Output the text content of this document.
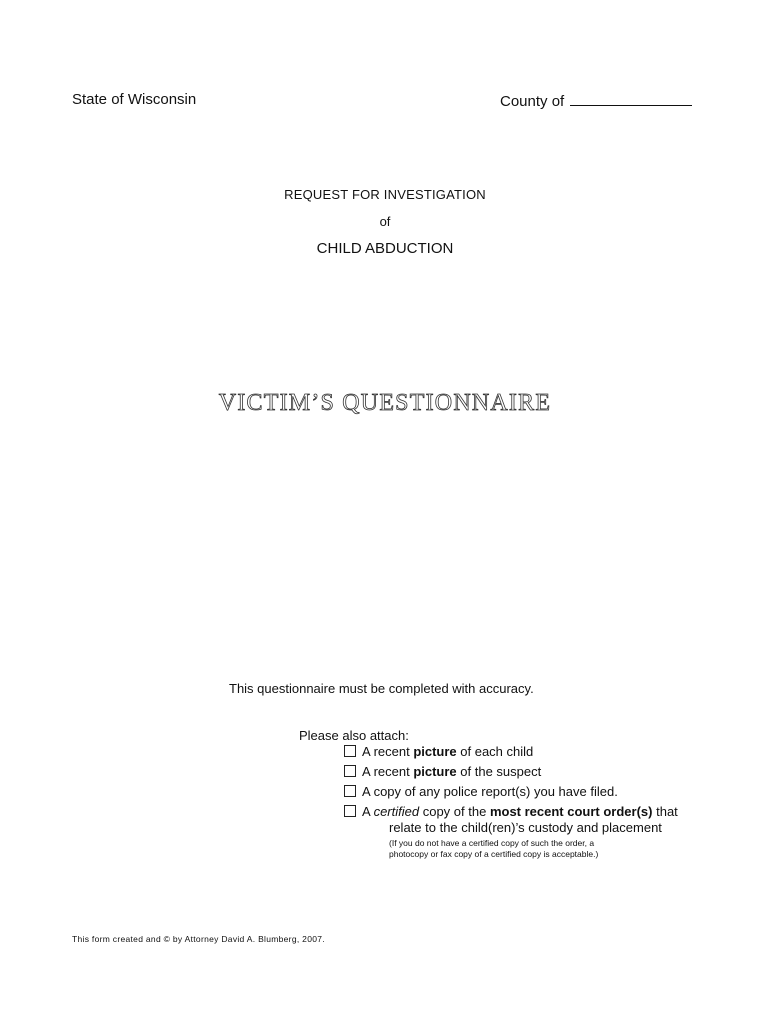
State of Wisconsin	County of
REQUEST FOR INVESTIGATION
of
CHILD ABDUCTION
VICTIM’S QUESTIONNAIRE
This questionnaire must be completed with accuracy.
Please also attach:
A recent picture of each child
A recent picture of the suspect
A copy of any police report(s) you have filed.
A certified copy of the most recent court order(s) that
relate to the child(ren)’s custody and placement
(If you do not have a certified copy of such the order, a
photocopy or fax copy of a certified copy is acceptable.)
This form created and © by Attorney David A. Blumberg, 2007.
